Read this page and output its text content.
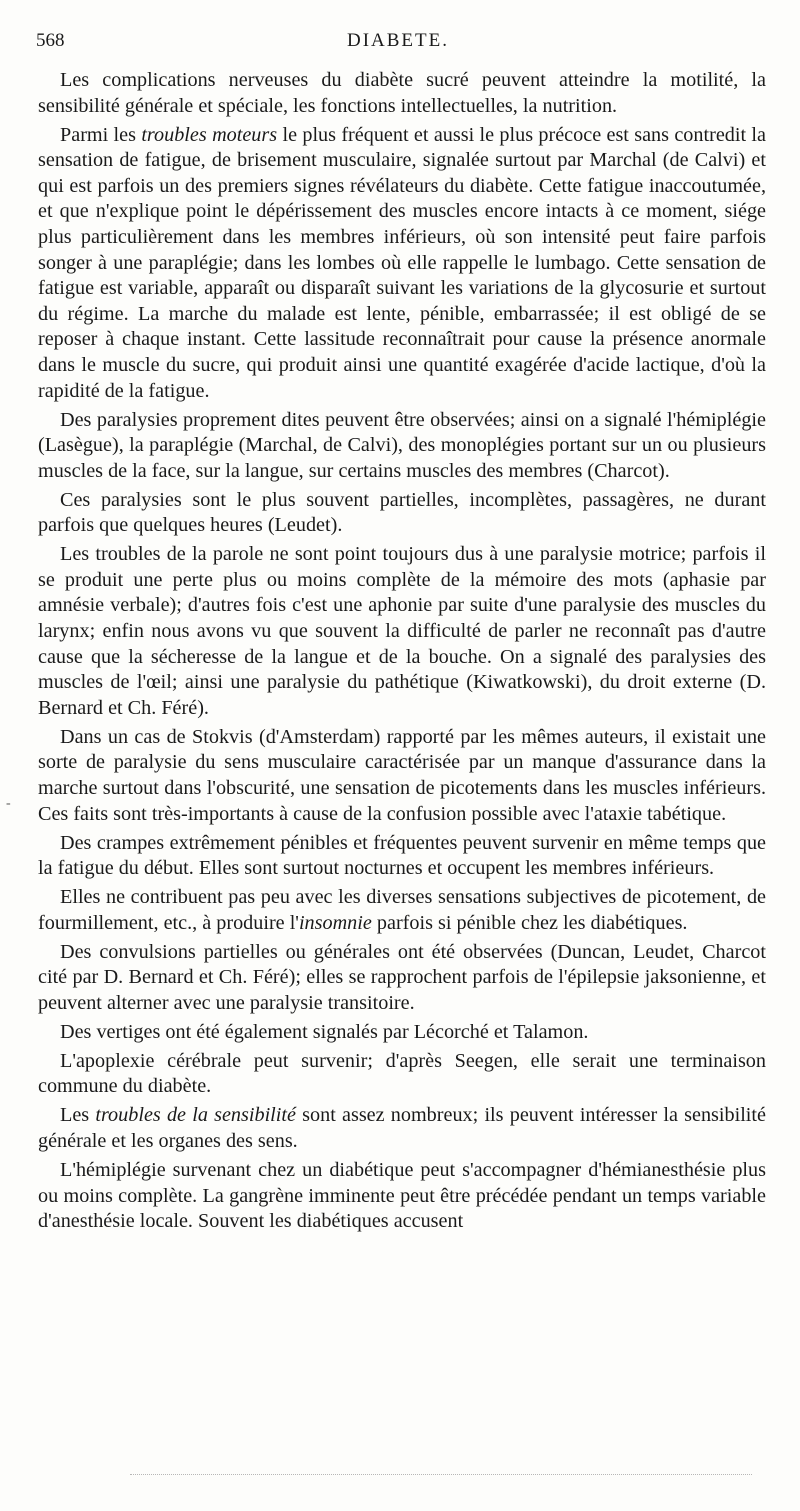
568	DIABETE.
-

Les complications nerveuses du diabète sucré peuvent atteindre la motilité, la sensibilité générale et spéciale, les fonctions intellectuelles, la nutrition.

Parmi les troubles moteurs le plus fréquent et aussi le plus précoce est sans contredit la sensation de fatigue, de brisement musculaire, signalée surtout par Marchal (de Calvi) et qui est parfois un des premiers signes révélateurs du diabète. Cette fatigue inaccoutumée, et que n'explique point le dépérissement des muscles encore intacts à ce moment, siége plus particulièrement dans les membres inférieurs, où son intensité peut faire parfois songer à une paraplégie; dans les lombes où elle rappelle le lumbago. Cette sensation de fatigue est variable, apparaît ou disparaît suivant les variations de la glycosurie et surtout du régime. La marche du malade est lente, pénible, embarrassée; il est obligé de se reposer à chaque instant. Cette lassitude reconnaîtrait pour cause la présence anormale dans le muscle du sucre, qui produit ainsi une quantité exagérée d'acide lactique, d'où la rapidité de la fatigue.

Des paralysies proprement dites peuvent être observées; ainsi on a signalé l'hémiplégie (Lasègue), la paraplégie (Marchal, de Calvi), des monoplégies portant sur un ou plusieurs muscles de la face, sur la langue, sur certains muscles des membres (Charcot).

Ces paralysies sont le plus souvent partielles, incomplètes, passagères, ne durant parfois que quelques heures (Leudet).

Les troubles de la parole ne sont point toujours dus à une paralysie motrice; parfois il se produit une perte plus ou moins complète de la mémoire des mots (aphasie par amnésie verbale); d'autres fois c'est une aphonie par suite d'une paralysie des muscles du larynx; enfin nous avons vu que souvent la difficulté de parler ne reconnaît pas d'autre cause que la sécheresse de la langue et de la bouche. On a signalé des paralysies des muscles de l'œil; ainsi une paralysie du pathétique (Kiwatkowski), du droit externe (D. Bernard et Ch. Féré).

Dans un cas de Stokvis (d'Amsterdam) rapporté par les mêmes auteurs, il existait une sorte de paralysie du sens musculaire caractérisée par un manque d'assurance dans la marche surtout dans l'obscurité, une sensation de picotements dans les muscles inférieurs. Ces faits sont très-importants à cause de la confusion possible avec l'ataxie tabétique.

Des crampes extrêmement pénibles et fréquentes peuvent survenir en même temps que la fatigue du début. Elles sont surtout nocturnes et occupent les membres inférieurs.

Elles ne contribuent pas peu avec les diverses sensations subjectives de picotement, de fourmillement, etc., à produire l'insomnie parfois si pénible chez les diabétiques.

Des convulsions partielles ou générales ont été observées (Duncan, Leudet, Charcot cité par D. Bernard et Ch. Féré); elles se rapprochent parfois de l'épilepsie jaksonienne, et peuvent alterner avec une paralysie transitoire.

Des vertiges ont été également signalés par Lécorché et Talamon.

L'apoplexie cérébrale peut survenir; d'après Seegen, elle serait une terminaison commune du diabète.

Les troubles de la sensibilité sont assez nombreux; ils peuvent intéresser la sensibilité générale et les organes des sens.

L'hémiplégie survenant chez un diabétique peut s'accompagner d'hémianesthésie plus ou moins complète. La gangrène imminente peut être précédée pendant un temps variable d'anesthésie locale. Souvent les diabétiques accusent
